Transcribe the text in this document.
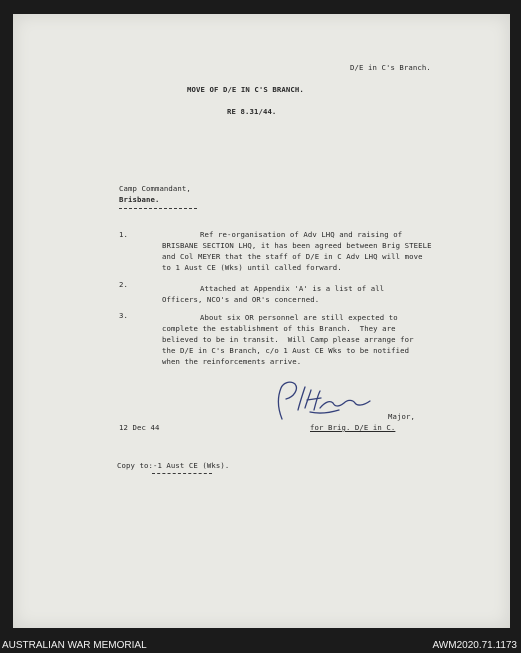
D/E in C's Branch.
MOVE OF D/E IN C'S BRANCH.
RE 8.31/44.
Camp Commandant,
Brisbane.
1.	Ref re-organisation of Adv LHQ and raising of
BRISBANE SECTION LHQ, it has been agreed between Brig STEELE
and Col MEYER that the staff of D/E in C Adv LHQ will move
to 1 Aust CE (Wks) until called forward.
2.	Attached at Appendix 'A' is a list of all
Officers, NCO's and OR's concerned.
3.	About six OR personnel are still expected to
complete the establishment of this Branch.  They are
believed to be in transit.  Will Camp please arrange for
the D/E in C's Branch, c/o 1 Aust CE Wks to be notified
when the reinforcements arrive.
Major,
12 Dec 44	for Brig. D/E in C.
Copy to:-1 Aust CE (Wks).
AUSTRALIAN WAR MEMORIAL	AWM2020.71.1173
